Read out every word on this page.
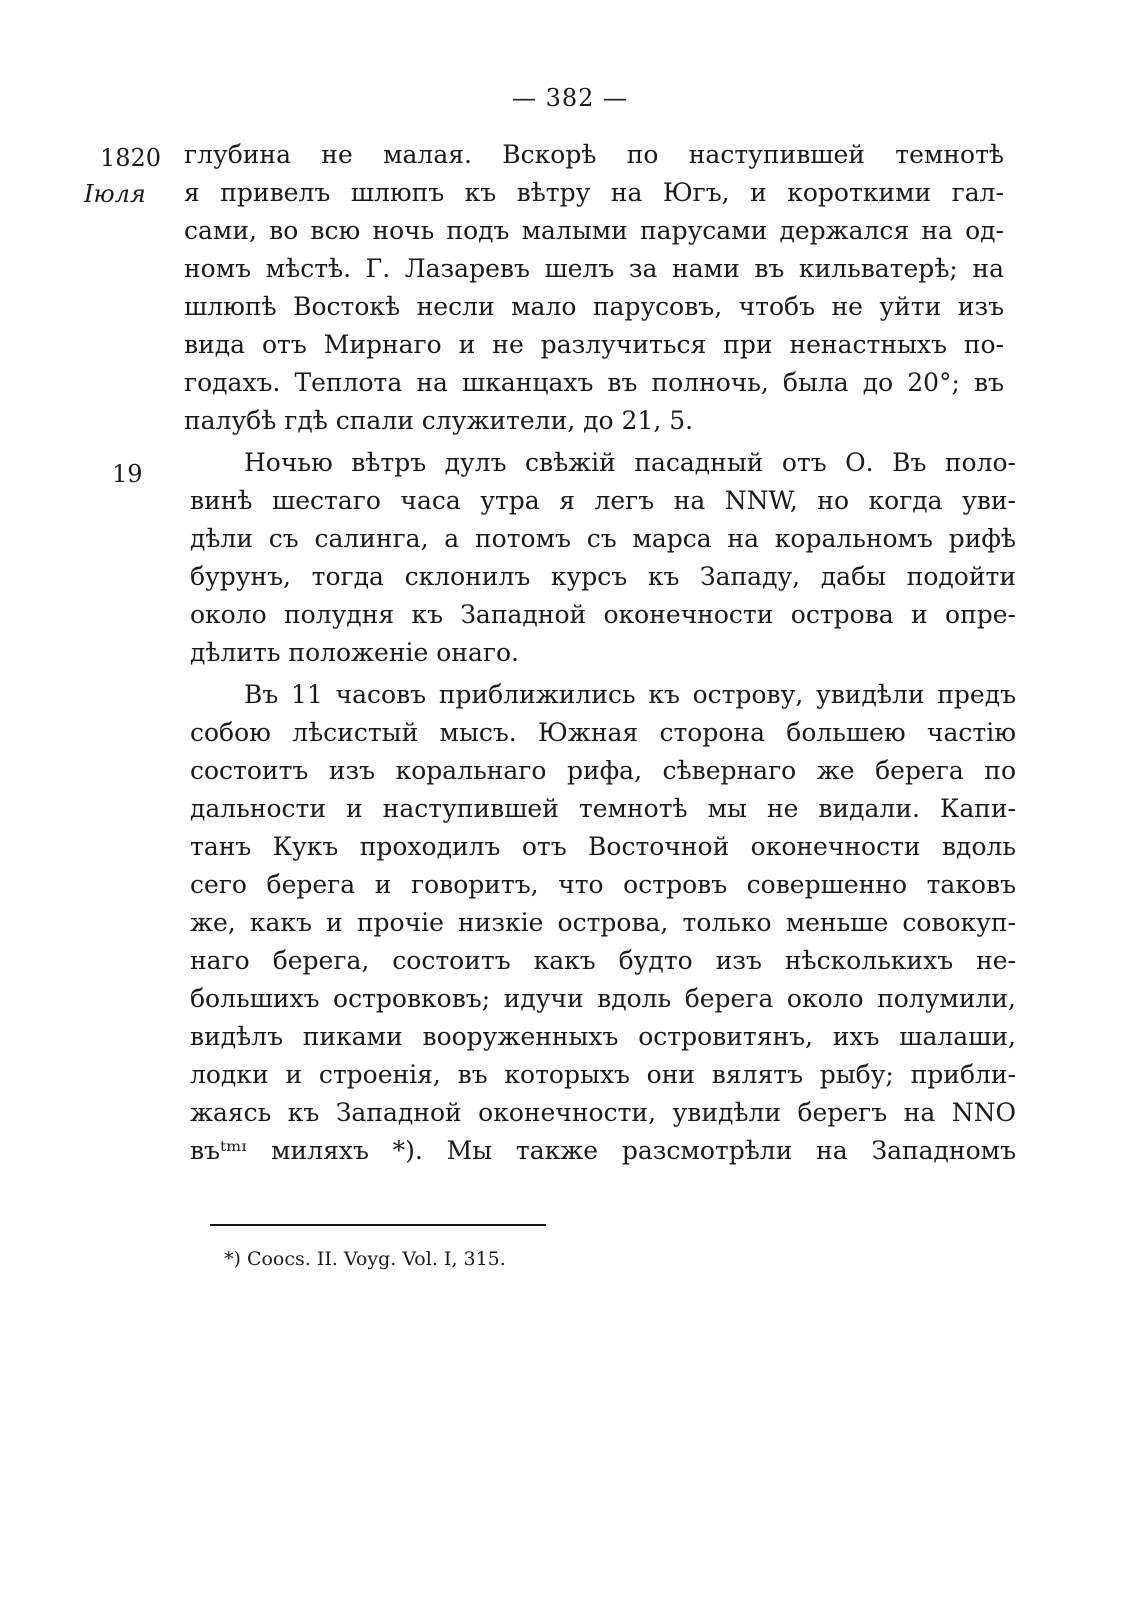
— 382 —
1820
Іюля
19
глубина не малая. Вскорѣ по наступившей темнотѣ
я привелъ шлюпъ къ вѣтру на Югъ, и короткими гал-
сами, во всю ночь подъ малыми парусами держался на од-
номъ мѣстѣ. Г. Лазаревъ шелъ за нами въ кильватерѣ; на
шлюпѣ Востокѣ несли мало парусовъ, чтобъ не уйти изъ
вида отъ Мирнаго и не разлучиться при ненастныхъ по-
годахъ. Теплота на шканцахъ въ полночь, была до 20°; въ
палубѣ гдѣ спали служители, до 21, 5.
Ночью вѣтръ дулъ свѣжій пасадный отъ О. Въ поло-
винѣ шестаго часа утра я легъ на NNW, но когда уви-
дѣли съ салинга, а потомъ съ марса на коральномъ рифѣ
бурунъ, тогда склонилъ курсъ къ Западу, дабы подойти
около полудня къ Западной оконечности острова и опре-
дѣлить положеніе онаго.
Въ 11 часовъ приближились къ острову, увидѣли предъ
собою лѣсистый мысъ. Южная сторона большею частію
состоитъ изъ коральнаго рифа, сѣвернаго же берега по
дальности и наступившей темнотѣ мы не видали. Капи-
танъ Кукъ проходилъ отъ Восточной оконечности вдоль
сего берега и говоритъ, что островъ совершенно таковъ
же, какъ и прочіе низкіе острова, только меньше совокуп-
наго берега, состоитъ какъ будто изъ нѣсколькихъ не-
большихъ островковъ; идучи вдоль берега около полумили,
видѣлъ пиками вооруженныхъ островитянъ, ихъ шалаши,
лодки и строенія, въ которыхъ они вялятъ рыбу; прибли-
жаясь къ Западной оконечности, увидѣли берегъ на NNO
въᵗᵐᶦ миляхъ *). Мы также разсмотрѣли на Западномъ
*) Coocs. II. Voyg. Vol. I, 315.
